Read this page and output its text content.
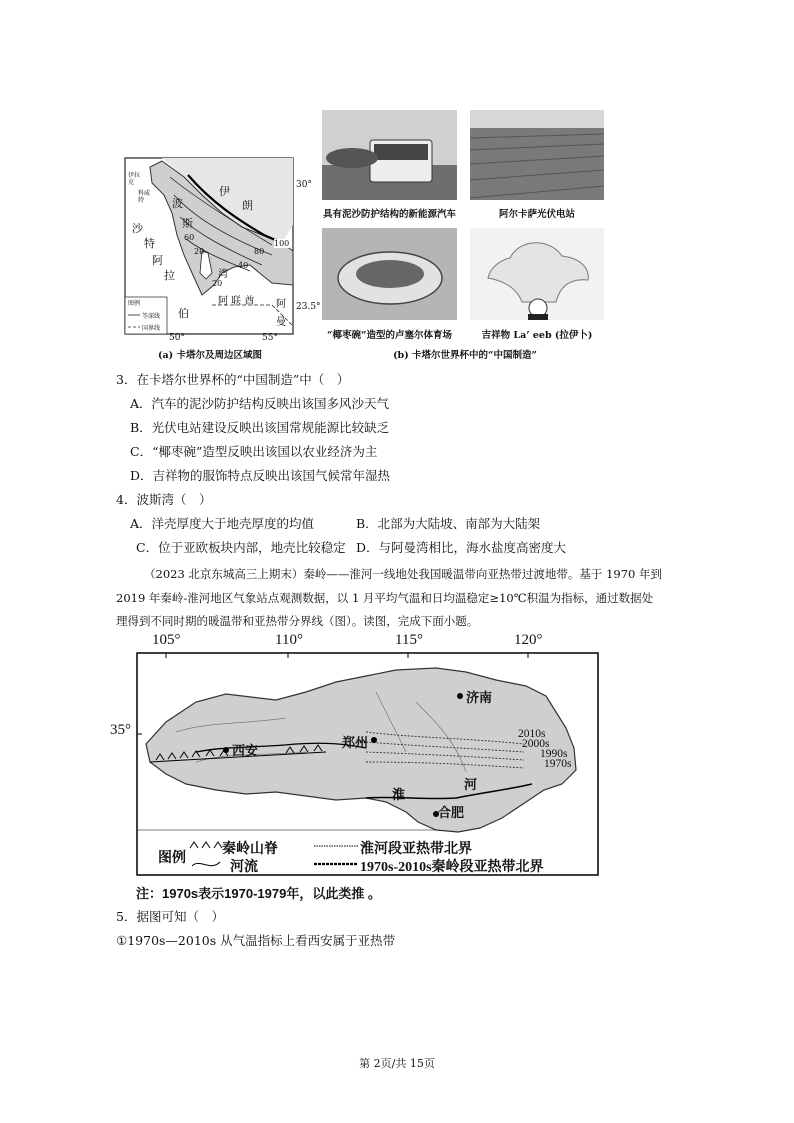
30°
23.5°
50°	55°
伊拉克
科威特
沙
特
阿
拉
波
斯
伯
伊
朗
湾
阿 联 酋 阿
曼
100
80
60
40
20
20
图例
等深线
国界线
(a) 卡塔尔及周边区域图
具有泥沙防护结构的新能源汽车	阿尔卡萨光伏电站
“椰枣碗”造型的卢塞尔体育场	吉祥物 La’ eeb (拉伊卜)
(b) 卡塔尔世界杯中的“中国制造”
3．在卡塔尔世界杯的“中国制造”中（　）
A．汽车的泥沙防护结构反映出该国多风沙天气
B．光伏电站建设反映出该国常规能源比较缺乏
C．“椰枣碗”造型反映出该国以农业经济为主
D．吉祥物的服饰特点反映出该国气候常年湿热
4．波斯湾（　）
A．洋壳厚度大于地壳厚度的均值	B．北部为大陆坡、南部为大陆架
C．位于亚欧板块内部，地壳比较稳定 D．与阿曼湾相比，海水盐度高密度大
（2023 北京东城高三上期末）秦岭——淮河一线地处我国暖温带向亚热带过渡地带。基于 1970 年到
2019 年秦岭-淮河地区气象站点观测数据，以 1 月平均气温和日均温稳定≥10℃积温为指标，通过数据处
理得到不同时期的暖温带和亚热带分界线（图）。读图，完成下面小题。
105°	110°	115°	120°
35°
济南
郑州
西安
合肥
淮
河
2010s
2000s
1990s
1970s
图例
秦岭山脊
河流
淮河段亚热带北界
1970s-2010s秦岭段亚热带北界
注：1970s表示1970-1979年，以此类推 。
5．据图可知（　）
①1970s—2010s 从气温指标上看西安属于亚热带
第 2页/共 15页
